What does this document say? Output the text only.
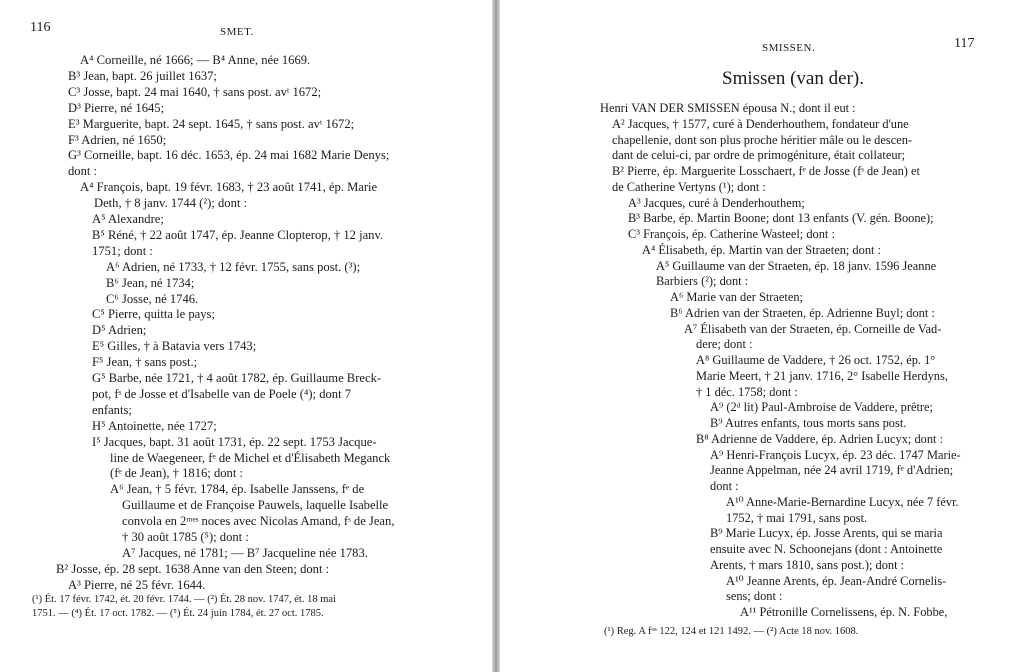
116	SMET.
A⁴ Corneille, né 1666; — B⁴ Anne, née 1669.
B³ Jean, bapt. 26 juillet 1637;
C³ Josse, bapt. 24 mai 1640, † sans post. avᵗ 1672;
D³ Pierre, né 1645;
E³ Marguerite, bapt. 24 sept. 1645, † sans post. avᵗ 1672;
F³ Adrien, né 1650;
G³ Corneille, bapt. 16 déc. 1653, ép. 24 mai 1682 Marie Denys;
dont :
A⁴ François, bapt. 19 févr. 1683, † 23 août 1741, ép. Marie
Deth, † 8 janv. 1744 (²); dont :
A⁵ Alexandre;
B⁵ Réné, † 22 août 1747, ép. Jeanne Clopterop, † 12 janv.
1751; dont :
A⁶ Adrien, né 1733, † 12 févr. 1755, sans post. (³);
B⁶ Jean, né 1734;
C⁶ Josse, né 1746.
C⁵ Pierre, quitta le pays;
D⁵ Adrien;
E⁵ Gilles, † à Batavia vers 1743;
F⁵ Jean, † sans post.;
G⁵ Barbe, née 1721, † 4 août 1782, ép. Guillaume Breck-
pot, fˢ de Josse et d'Isabelle van de Poele (⁴); dont 7
enfants;
H⁵ Antoinette, née 1727;
I⁵ Jacques, bapt. 31 août 1731, ép. 22 sept. 1753 Jacque-
line de Waegeneer, fᵉ de Michel et d'Élisabeth Meganck
(fᵉ de Jean), † 1816; dont :
A⁶ Jean, † 5 févr. 1784, ép. Isabelle Janssens, fᵉ de
Guillaume et de Françoise Pauwels, laquelle Isabelle
convola en 2ᵐᵉˢ noces avec Nicolas Amand, fˢ de Jean,
† 30 août 1785 (⁵); dont :
A⁷ Jacques, né 1781; — B⁷ Jacqueline née 1783.
B² Josse, ép. 28 sept. 1638 Anne van den Steen; dont :
A³ Pierre, né 25 févr. 1644.
(¹) Ét. 17 févr. 1742, ét. 20 févr. 1744. — (²) Ét. 28 nov. 1747, ét. 18 mai
1751. — (⁴) Ét. 17 oct. 1782. — (⁵) Ét. 24 juin 1784, ét. 27 oct. 1785.
SMISSEN.	117
Smissen (van der).
Henri VAN DER SMISSEN épousa N.; dont il eut :
A² Jacques, † 1577, curé à Denderhouthem, fondateur d'une
chapellenie, dont son plus proche héritier mâle ou le descen-
dant de celui-ci, par ordre de primogéniture, était collateur;
B² Pierre, ép. Marguerite Losschaert, fᵉ de Josse (fˢ de Jean) et
de Catherine Vertyns (¹); dont :
A³ Jacques, curé à Denderhouthem;
B³ Barbe, ép. Martin Boone; dont 13 enfants (V. gén. Boone);
C³ François, ép. Catherine Wasteel; dont :
A⁴ Élisabeth, ép. Martin van der Straeten; dont :
A⁵ Guillaume van der Straeten, ép. 18 janv. 1596 Jeanne
Barbiers (²); dont :
A⁶ Marie van der Straeten;
B⁶ Adrien van der Straeten, ép. Adrienne Buyl; dont :
A⁷ Élisabeth van der Straeten, ép. Corneille de Vad-
dere; dont :
A⁸ Guillaume de Vaddere, † 26 oct. 1752, ép. 1°
Marie Meert, † 21 janv. 1716, 2° Isabelle Herdyns,
† 1 déc. 1758; dont :
A⁹ (2ᵈ lit) Paul-Ambroise de Vaddere, prêtre;
B⁹ Autres enfants, tous morts sans post.
B⁸ Adrienne de Vaddere, ép. Adrien Lucyx; dont :
A⁹ Henri-François Lucyx, ép. 23 déc. 1747 Marie-
Jeanne Appelman, née 24 avril 1719, fᵉ d'Adrien;
dont :
A¹⁰ Anne-Marie-Bernardine Lucyx, née 7 févr.
1752, † mai 1791, sans post.
B⁹ Marie Lucyx, ép. Josse Arents, qui se maria
ensuite avec N. Schoonejans (dont : Antoinette
Arents, † mars 1810, sans post.); dont :
A¹⁰ Jeanne Arents, ép. Jean-André Cornelis-
sens; dont :
A¹¹ Pétronille Cornelissens, ép. N. Fobbe,
(¹) Reg. A fᵒˢ 122, 124 et 121 1492. — (²) Acte 18 nov. 1608.
